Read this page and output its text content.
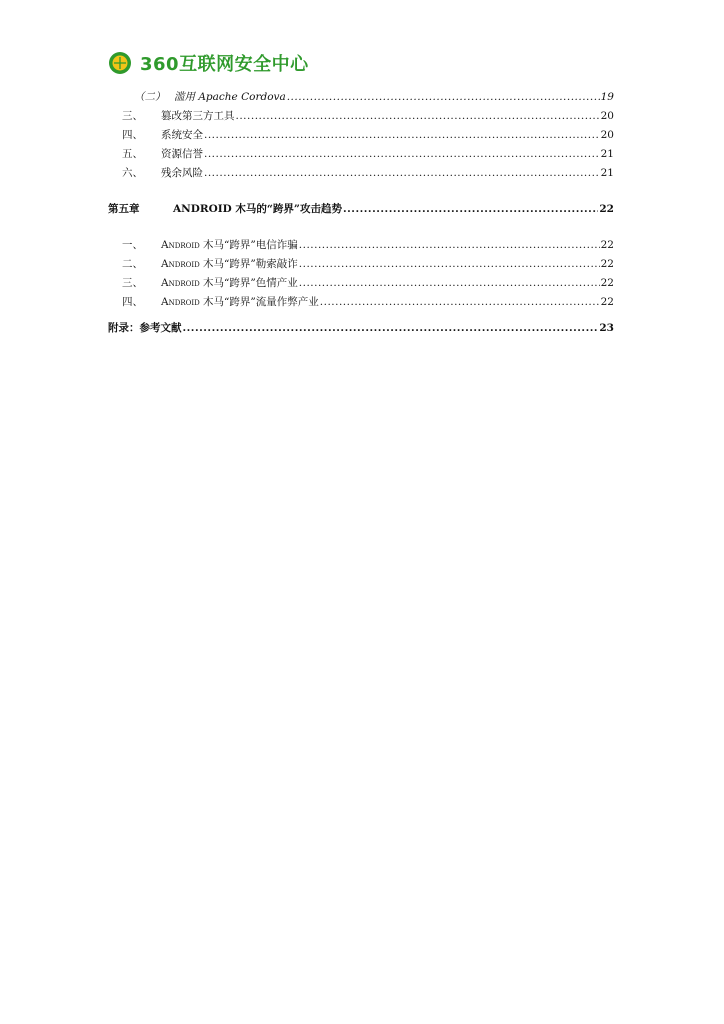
360互联网安全中心
（二） 滥用 Apache Cordova .....	19
三、	篡改第三方工具 .....	20
四、	系统安全 .....	20
五、	资源信誉 .....	21
六、	残余风险 .....	21
第五章	ANDROID 木马的“跨界”攻击趋势 .....	22
一、	Android 木马“跨界”电信诈骗 .....	22
二、	Android 木马“跨界”勒索敲诈 .....	22
三、	Android 木马“跨界”色情产业 .....	22
四、	Android 木马“跨界”流量作弊产业 .....	22
附录：参考文献 .....	23
